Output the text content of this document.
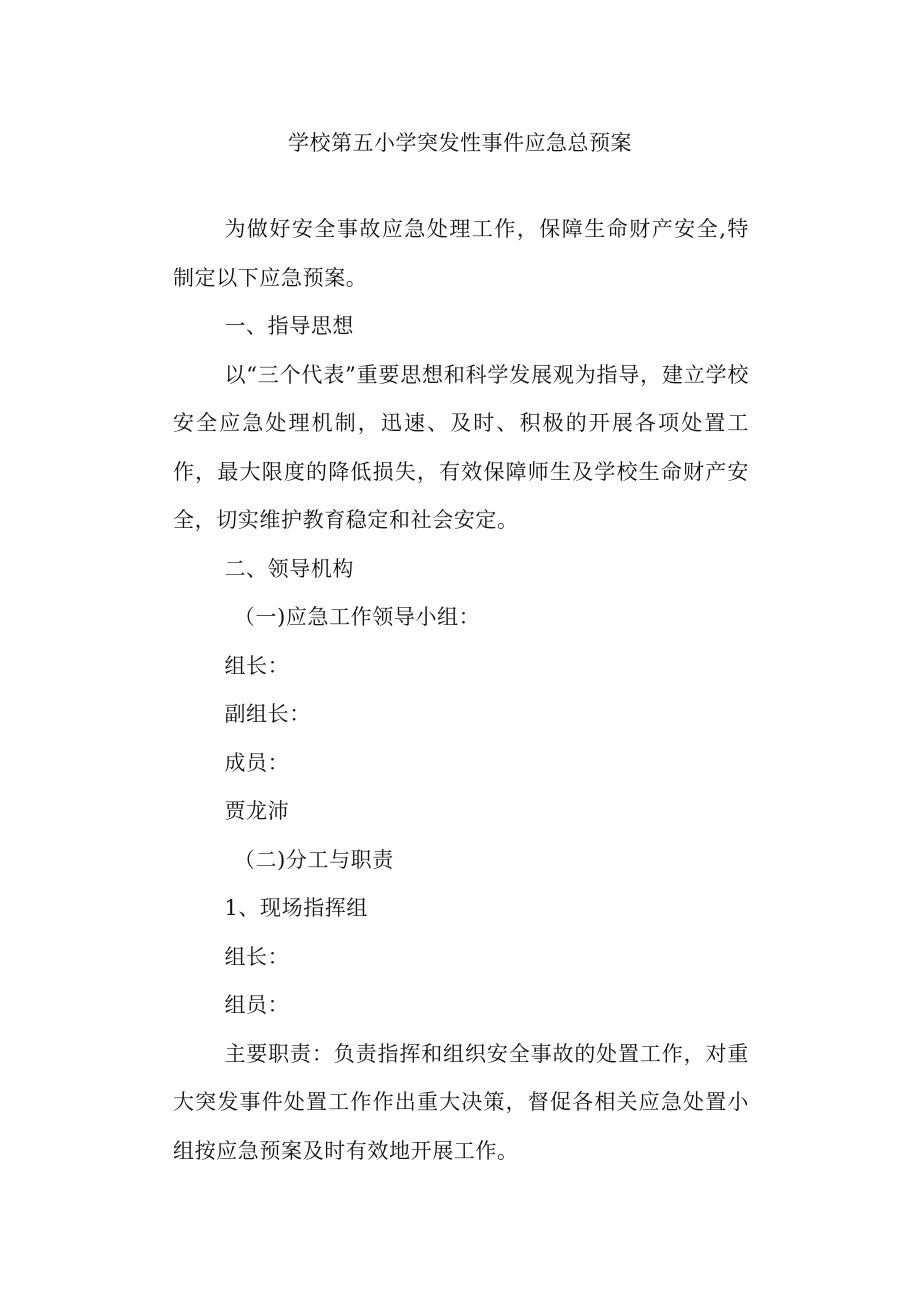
学校第五小学突发性事件应急总预案

为做好安全事故应急处理工作，保障生命财产安全,特制定以下应急预案。

一、指导思想

以“三个代表”重要思想和科学发展观为指导，建立学校安全应急处理机制，迅速、及时、积极的开展各项处置工作，最大限度的降低损失，有效保障师生及学校生命财产安全，切实维护教育稳定和社会安定。

二、领导机构

（一)应急工作领导小组：

组长：

副组长：

成员：

贾龙沛

（二)分工与职责

1、现场指挥组

组长：

组员：

主要职责：负责指挥和组织安全事故的处置工作，对重大突发事件处置工作作出重大决策，督促各相关应急处置小组按应急预案及时有效地开展工作。
